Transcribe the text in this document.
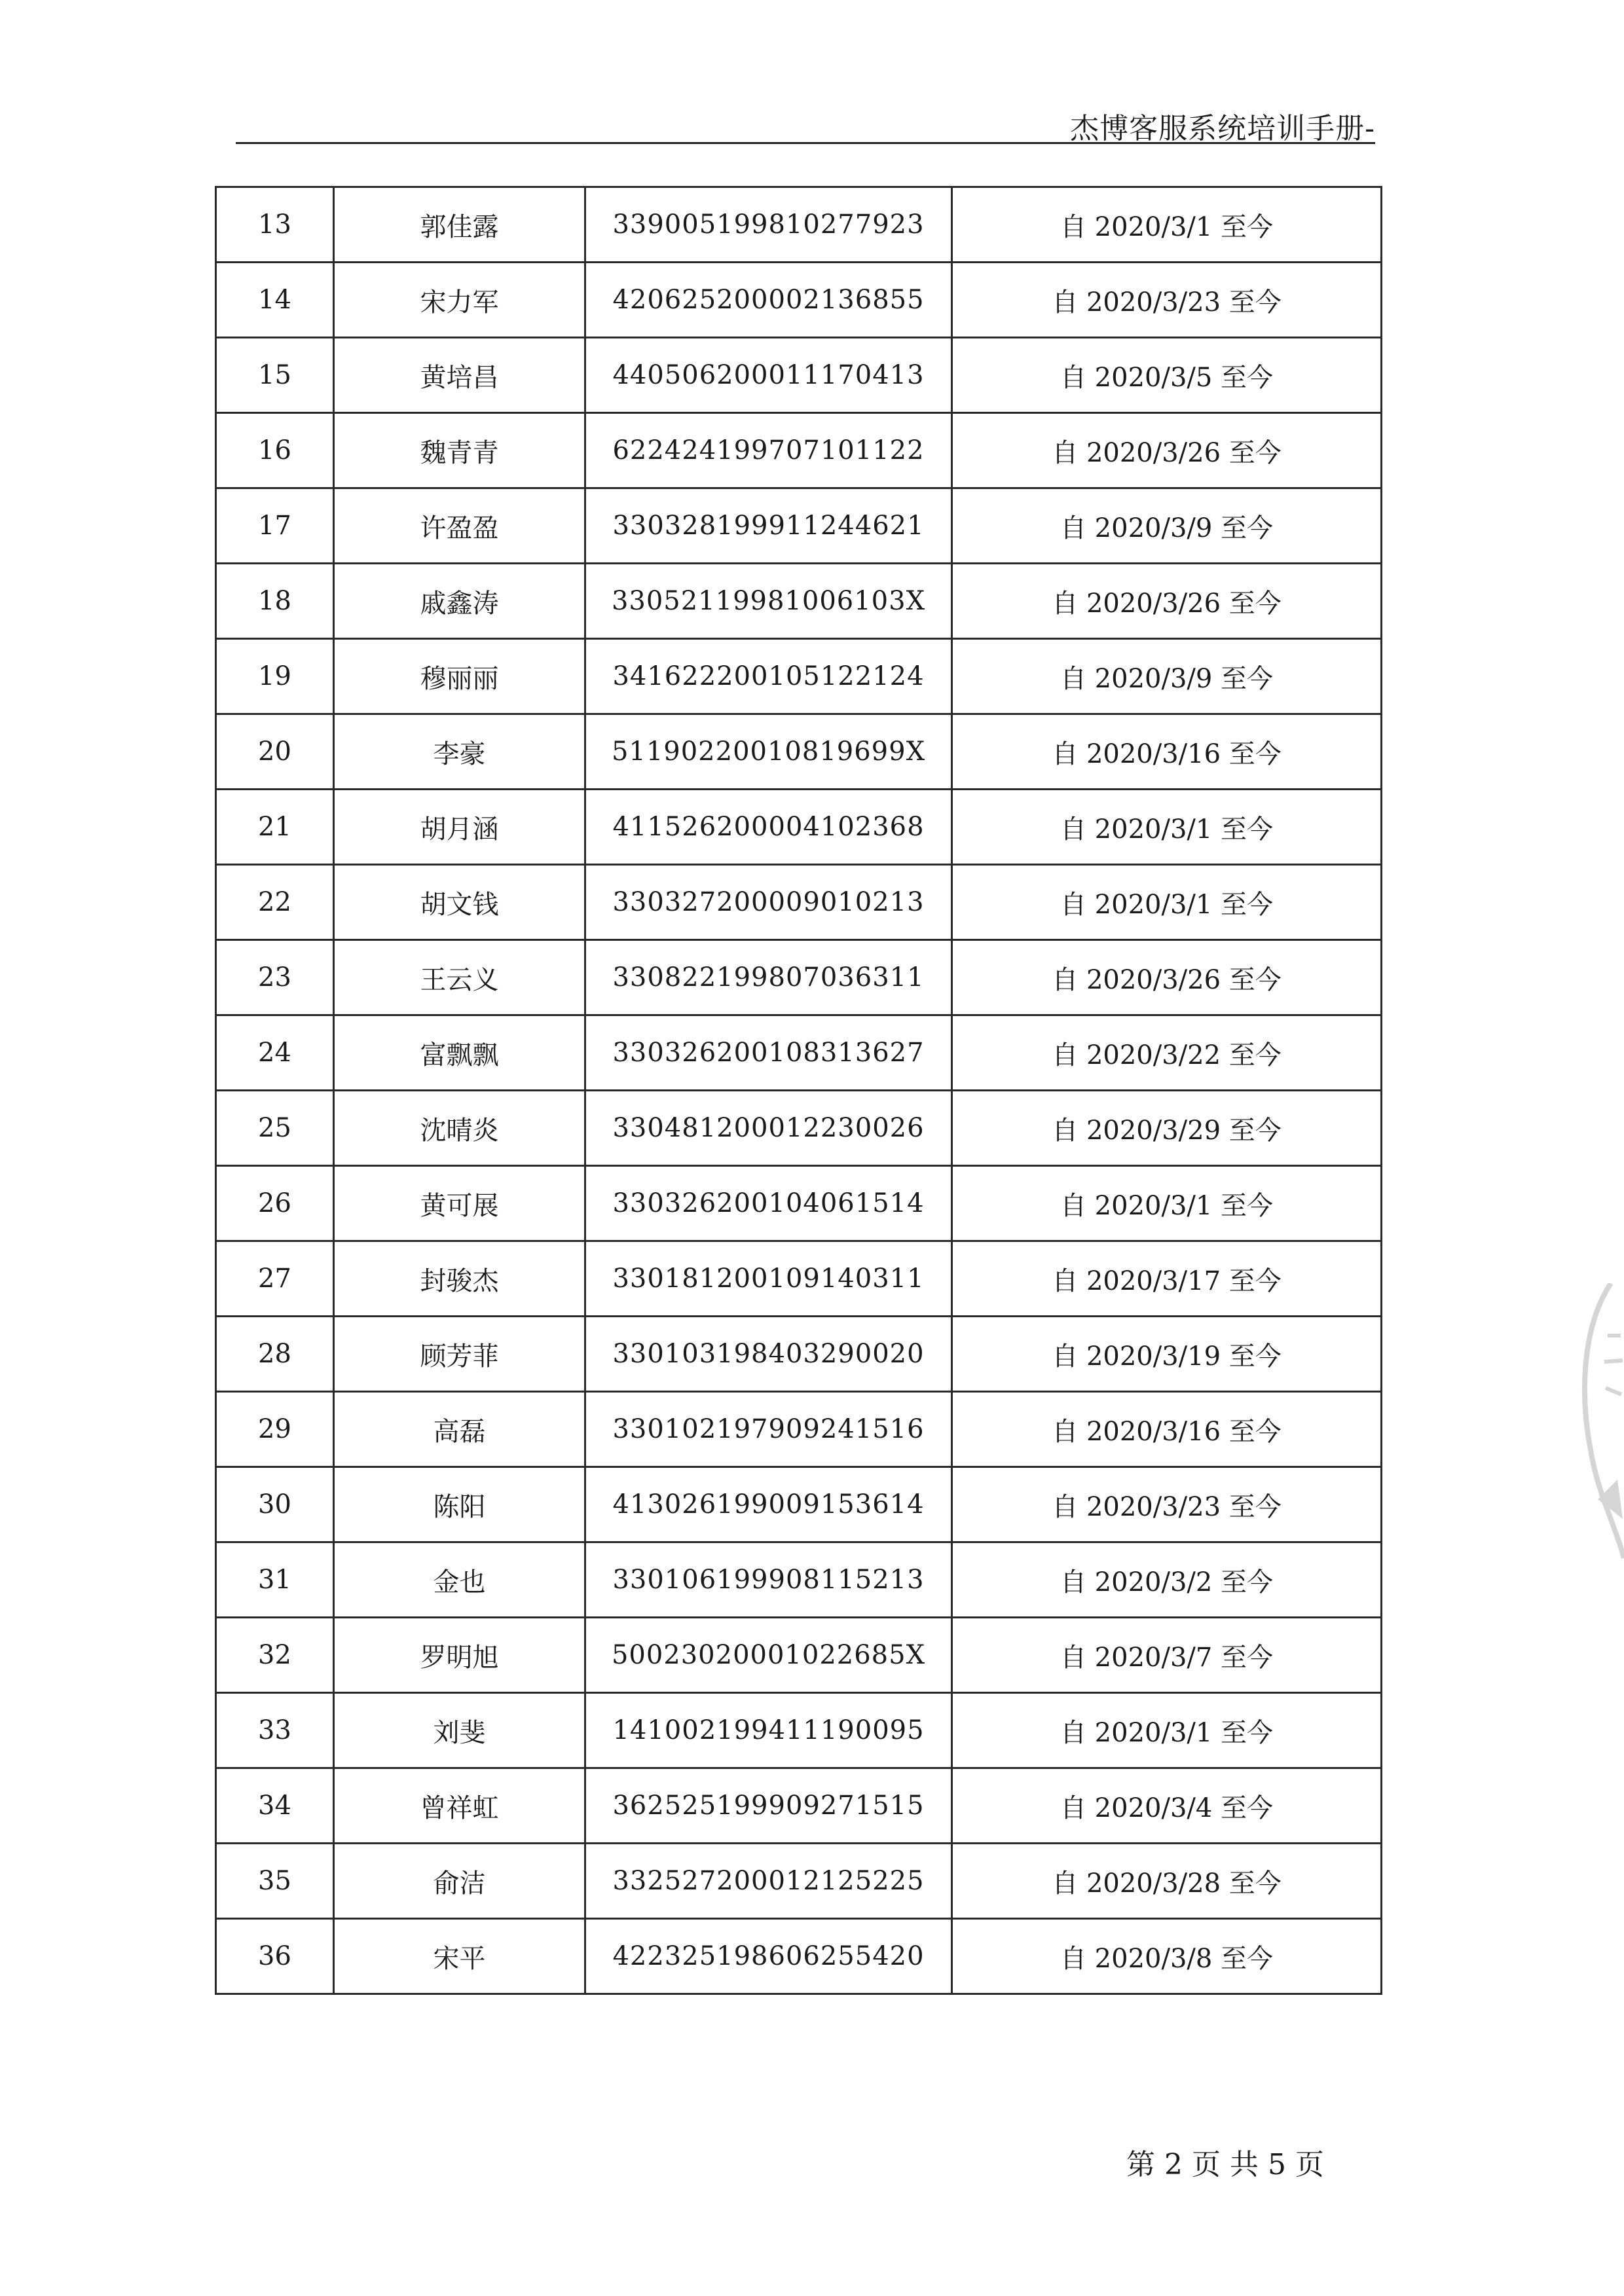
杰博客服系统培训手册-
13	郭佳露	339005199810277923	自 2020/3/1 至今
14	宋力军	420625200002136855	自 2020/3/23 至今
15	黄培昌	440506200011170413	自 2020/3/5 至今
16	魏青青	622424199707101122	自 2020/3/26 至今
17	许盈盈	330328199911244621	自 2020/3/9 至今
18	戚鑫涛	33052119981006103X	自 2020/3/26 至今
19	穆丽丽	341622200105122124	自 2020/3/9 至今
20	李豪	51190220010819699X	自 2020/3/16 至今
21	胡月涵	411526200004102368	自 2020/3/1 至今
22	胡文钱	330327200009010213	自 2020/3/1 至今
23	王云义	330822199807036311	自 2020/3/26 至今
24	富飘飘	330326200108313627	自 2020/3/22 至今
25	沈晴炎	330481200012230026	自 2020/3/29 至今
26	黄可展	330326200104061514	自 2020/3/1 至今
27	封骏杰	330181200109140311	自 2020/3/17 至今
28	顾芳菲	330103198403290020	自 2020/3/19 至今
29	高磊	330102197909241516	自 2020/3/16 至今
30	陈阳	413026199009153614	自 2020/3/23 至今
31	金也	330106199908115213	自 2020/3/2 至今
32	罗明旭	50023020001022685X	自 2020/3/7 至今
33	刘斐	141002199411190095	自 2020/3/1 至今
34	曾祥虹	362525199909271515	自 2020/3/4 至今
35	俞洁	332527200012125225	自 2020/3/28 至今
36	宋平	422325198606255420	自 2020/3/8 至今
第 2 页 共 5 页
